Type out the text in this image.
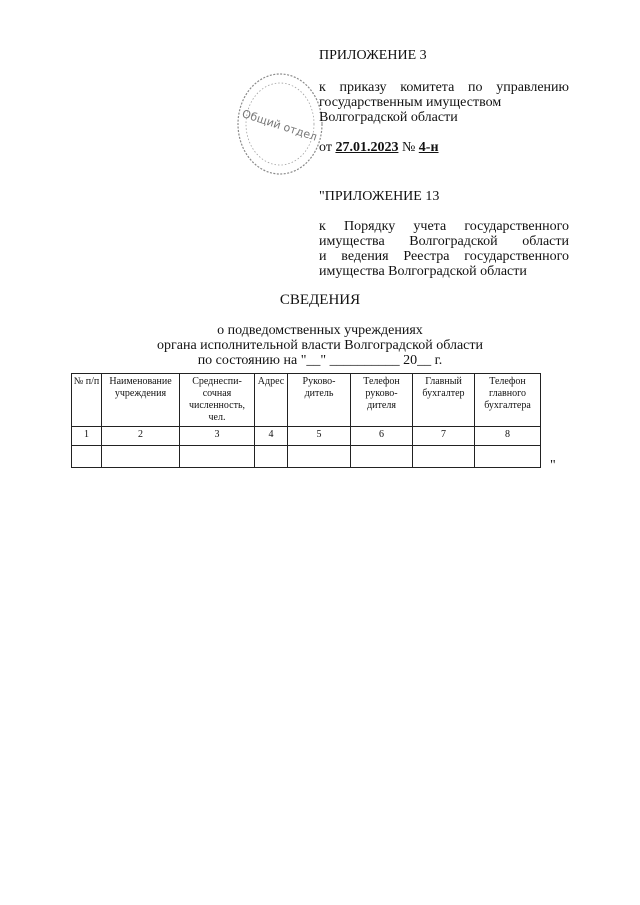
Общий отдел
ПРИЛОЖЕНИЕ 3
к приказу комитета по управлению
государственным имуществом
Волгоградской области
от 27.01.2023 № 4-н
"ПРИЛОЖЕНИЕ 13
к Порядку учета государственного
имущества Волгоградской области
и ведения Реестра государственного
имущества Волгоградской области
СВЕДЕНИЯ
о подведомственных учреждениях
органа исполнительной власти Волгоградской области
по состоянию на "__" __________ 20__ г.
№ п/п	Наименование учреждения	Среднеспи-сочная численность, чел.	Адрес	Руково-дитель	Телефон руково-дителя	Главный бухгалтер	Телефон главного бухгалтера
1	2	3	4	5	6	7	8

"
